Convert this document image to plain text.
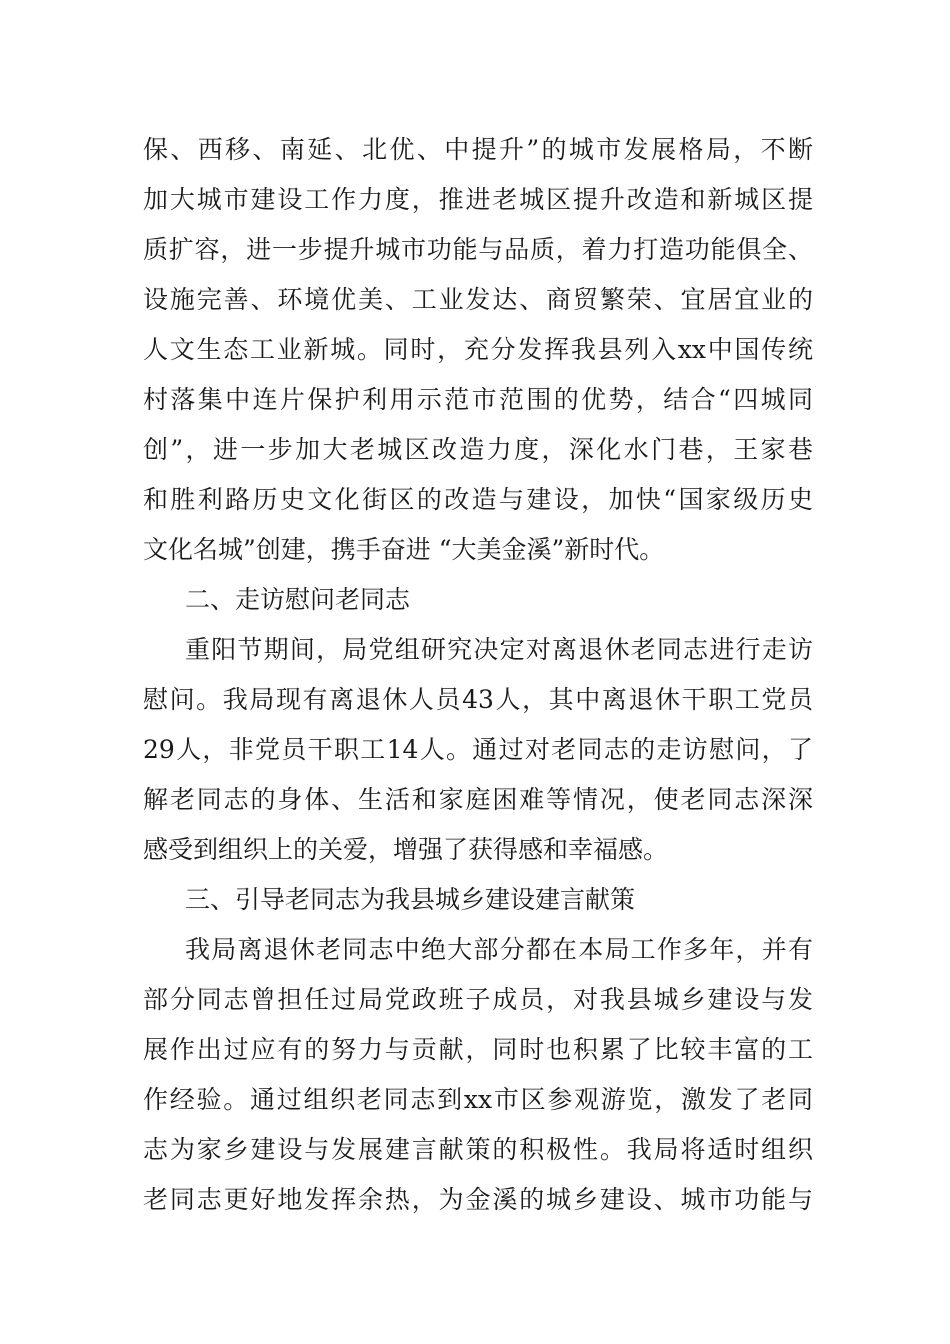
保、西移、南延、北优、中提升”的城市发展格局，不断
加大城市建设工作力度，推进老城区提升改造和新城区提
质扩容，进一步提升城市功能与品质，着力打造功能俱全、
设施完善、环境优美、工业发达、商贸繁荣、宜居宜业的
人文生态工业新城。同时，充分发挥我县列入xx中国传统
村落集中连片保护利用示范市范围的优势，结合“四城同
创”，进一步加大老城区改造力度，深化水门巷，王家巷
和胜利路历史文化街区的改造与建设，加快“国家级历史
文化名城”创建，携手奋进 “大美金溪”新时代。
二、走访慰问老同志
重阳节期间，局党组研究决定对离退休老同志进行走访
慰问。我局现有离退休人员43人，其中离退休干职工党员
29人，非党员干职工14人。通过对老同志的走访慰问，了
解老同志的身体、生活和家庭困难等情况，使老同志深深
感受到组织上的关爱，增强了获得感和幸福感。
三、引导老同志为我县城乡建设建言献策
我局离退休老同志中绝大部分都在本局工作多年，并有
部分同志曾担任过局党政班子成员，对我县城乡建设与发
展作出过应有的努力与贡献，同时也积累了比较丰富的工
作经验。通过组织老同志到xx市区参观游览，激发了老同
志为家乡建设与发展建言献策的积极性。我局将适时组织
老同志更好地发挥余热，为金溪的城乡建设、城市功能与
